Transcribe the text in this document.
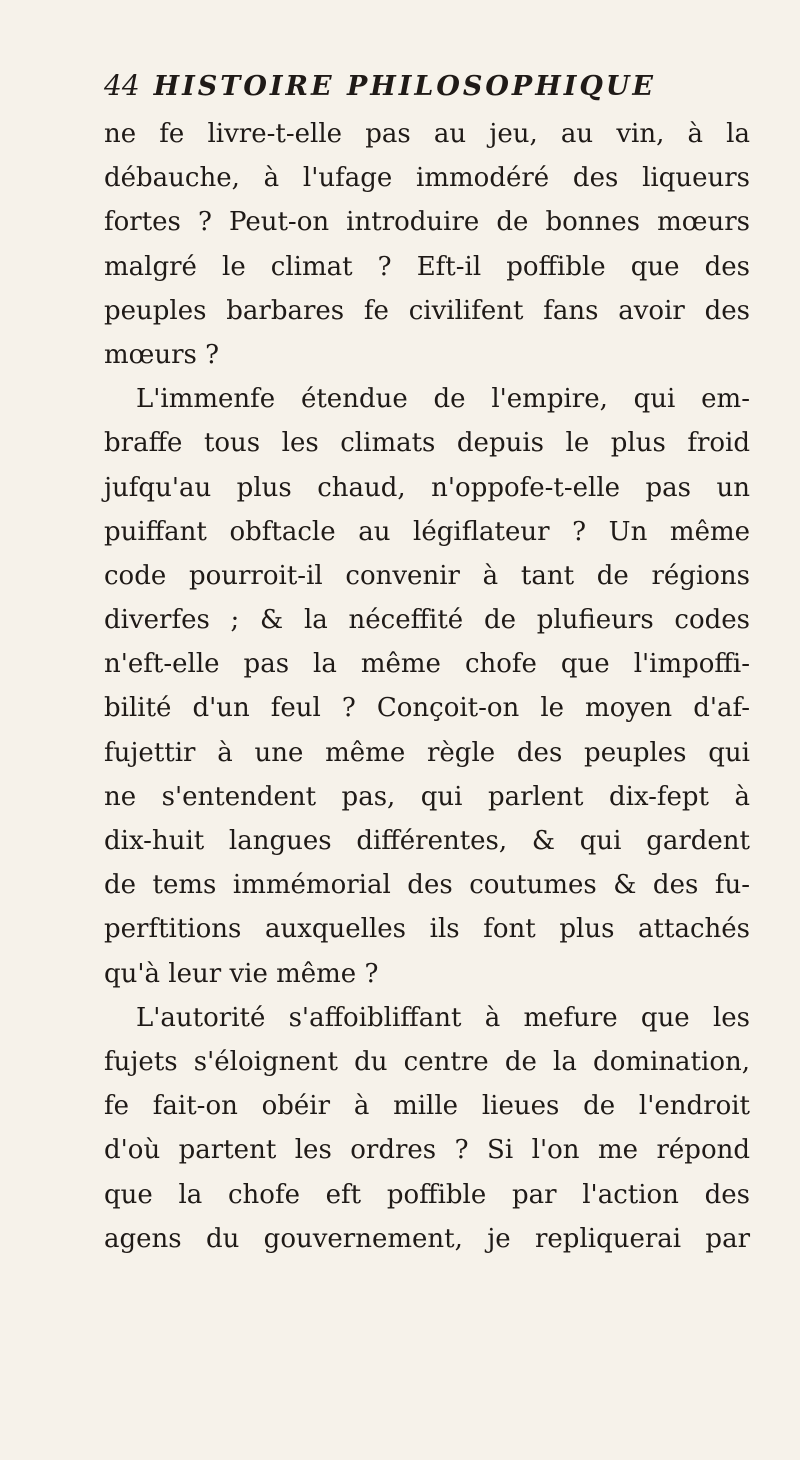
44 HISTOIRE PHILOSOPHIQUE
ne fe livre-t-elle pas au jeu, au vin, à la
débauche, à l'ufage immodéré des liqueurs
fortes ? Peut-on introduire de bonnes mœurs
malgré le climat ? Eft-il poffible que des
peuples barbares fe civilifent fans avoir des
mœurs ?
L'immenfe étendue de l'empire, qui em-
braffe tous les climats depuis le plus froid
jufqu'au plus chaud, n'oppofe-t-elle pas un
puiffant obftacle au légiflateur ? Un même
code pourroit-il convenir à tant de régions
diverfes ; & la néceffité de plufieurs codes
n'eft-elle pas la même chofe que l'impoffi-
bilité d'un feul ? Conçoit-on le moyen d'af-
fujettir à une même règle des peuples qui
ne s'entendent pas, qui parlent dix-fept à
dix-huit langues différentes, & qui gardent
de tems immémorial des coutumes & des fu-
perftitions auxquelles ils font plus attachés
qu'à leur vie même ?
L'autorité s'affoibliffant à mefure que les
fujets s'éloignent du centre de la domination,
fe fait-on obéir à mille lieues de l'endroit
d'où partent les ordres ? Si l'on me répond
que la chofe eft poffible par l'action des
agens du gouvernement, je repliquerai par
